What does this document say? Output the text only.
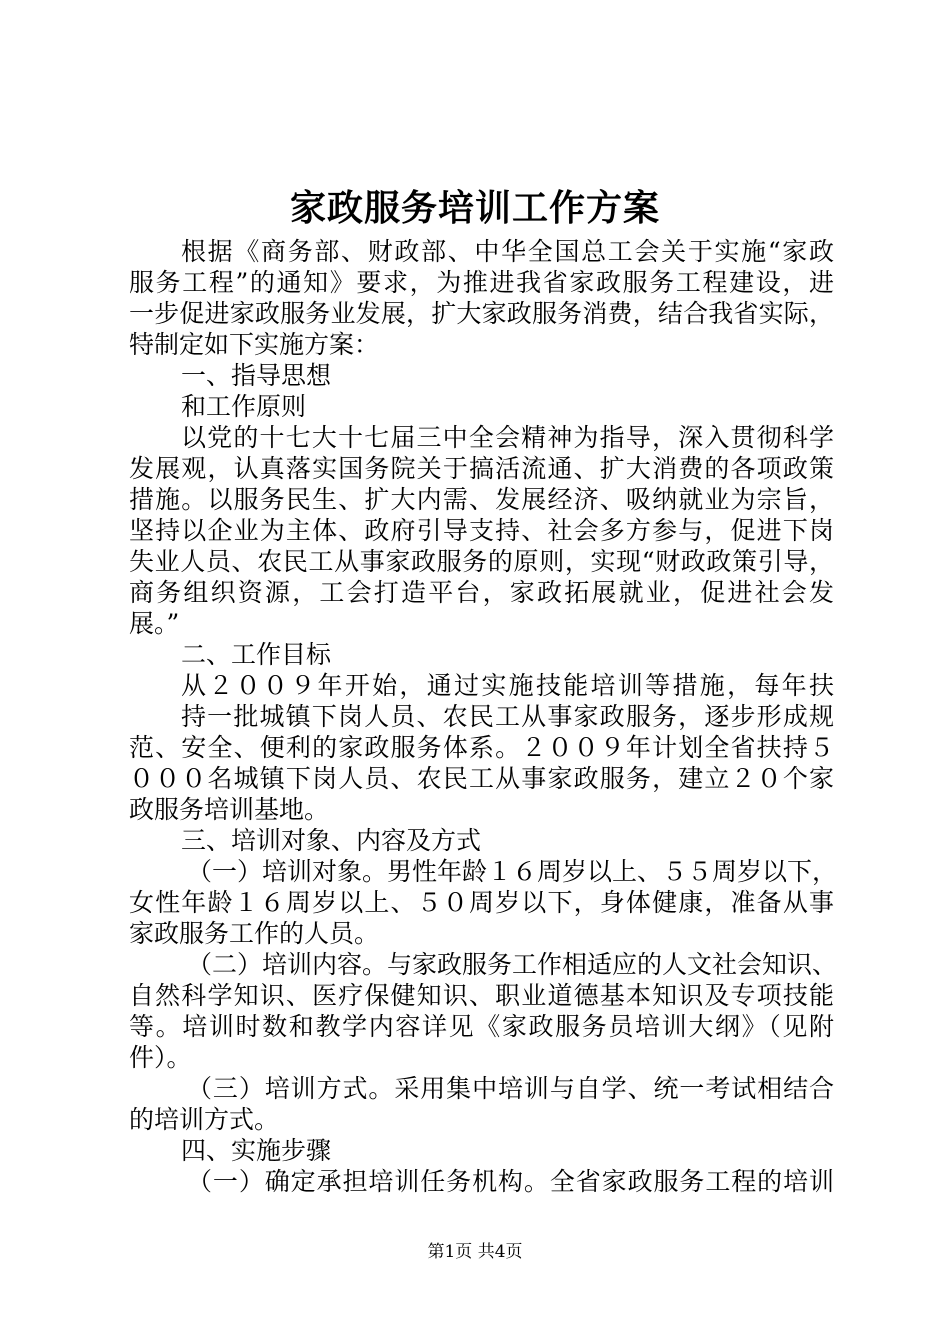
家政服务培训工作方案
根据《商务部、财政部、中华全国总工会关于实施“家政
服务工程”的通知》要求，为推进我省家政服务工程建设，进
一步促进家政服务业发展，扩大家政服务消费，结合我省实际，
特制定如下实施方案：
一、指导思想
和工作原则
以党的十七大十七届三中全会精神为指导，深入贯彻科学
发展观，认真落实国务院关于搞活流通、扩大消费的各项政策
措施。以服务民生、扩大内需、发展经济、吸纳就业为宗旨，
坚持以企业为主体、政府引导支持、社会多方参与，促进下岗
失业人员、农民工从事家政服务的原则，实现“财政政策引导，
商务组织资源，工会打造平台，家政拓展就业，促进社会发
展。”
二、工作目标
从２００９年开始，通过实施技能培训等措施，每年扶
持一批城镇下岗人员、农民工从事家政服务，逐步形成规
范、安全、便利的家政服务体系。２００９年计划全省扶持５
０００名城镇下岗人员、农民工从事家政服务，建立２０个家
政服务培训基地。
三、培训对象、内容及方式
（一）培训对象。男性年龄１６周岁以上、５５周岁以下，
女性年龄１６周岁以上、５０周岁以下，身体健康，准备从事
家政服务工作的人员。
（二）培训内容。与家政服务工作相适应的人文社会知识、
自然科学知识、医疗保健知识、职业道德基本知识及专项技能
等。培训时数和教学内容详见《家政服务员培训大纲》（见附
件）。
（三）培训方式。采用集中培训与自学、统一考试相结合
的培训方式。
四、实施步骤
（一）确定承担培训任务机构。全省家政服务工程的培训
第1页 共4页
